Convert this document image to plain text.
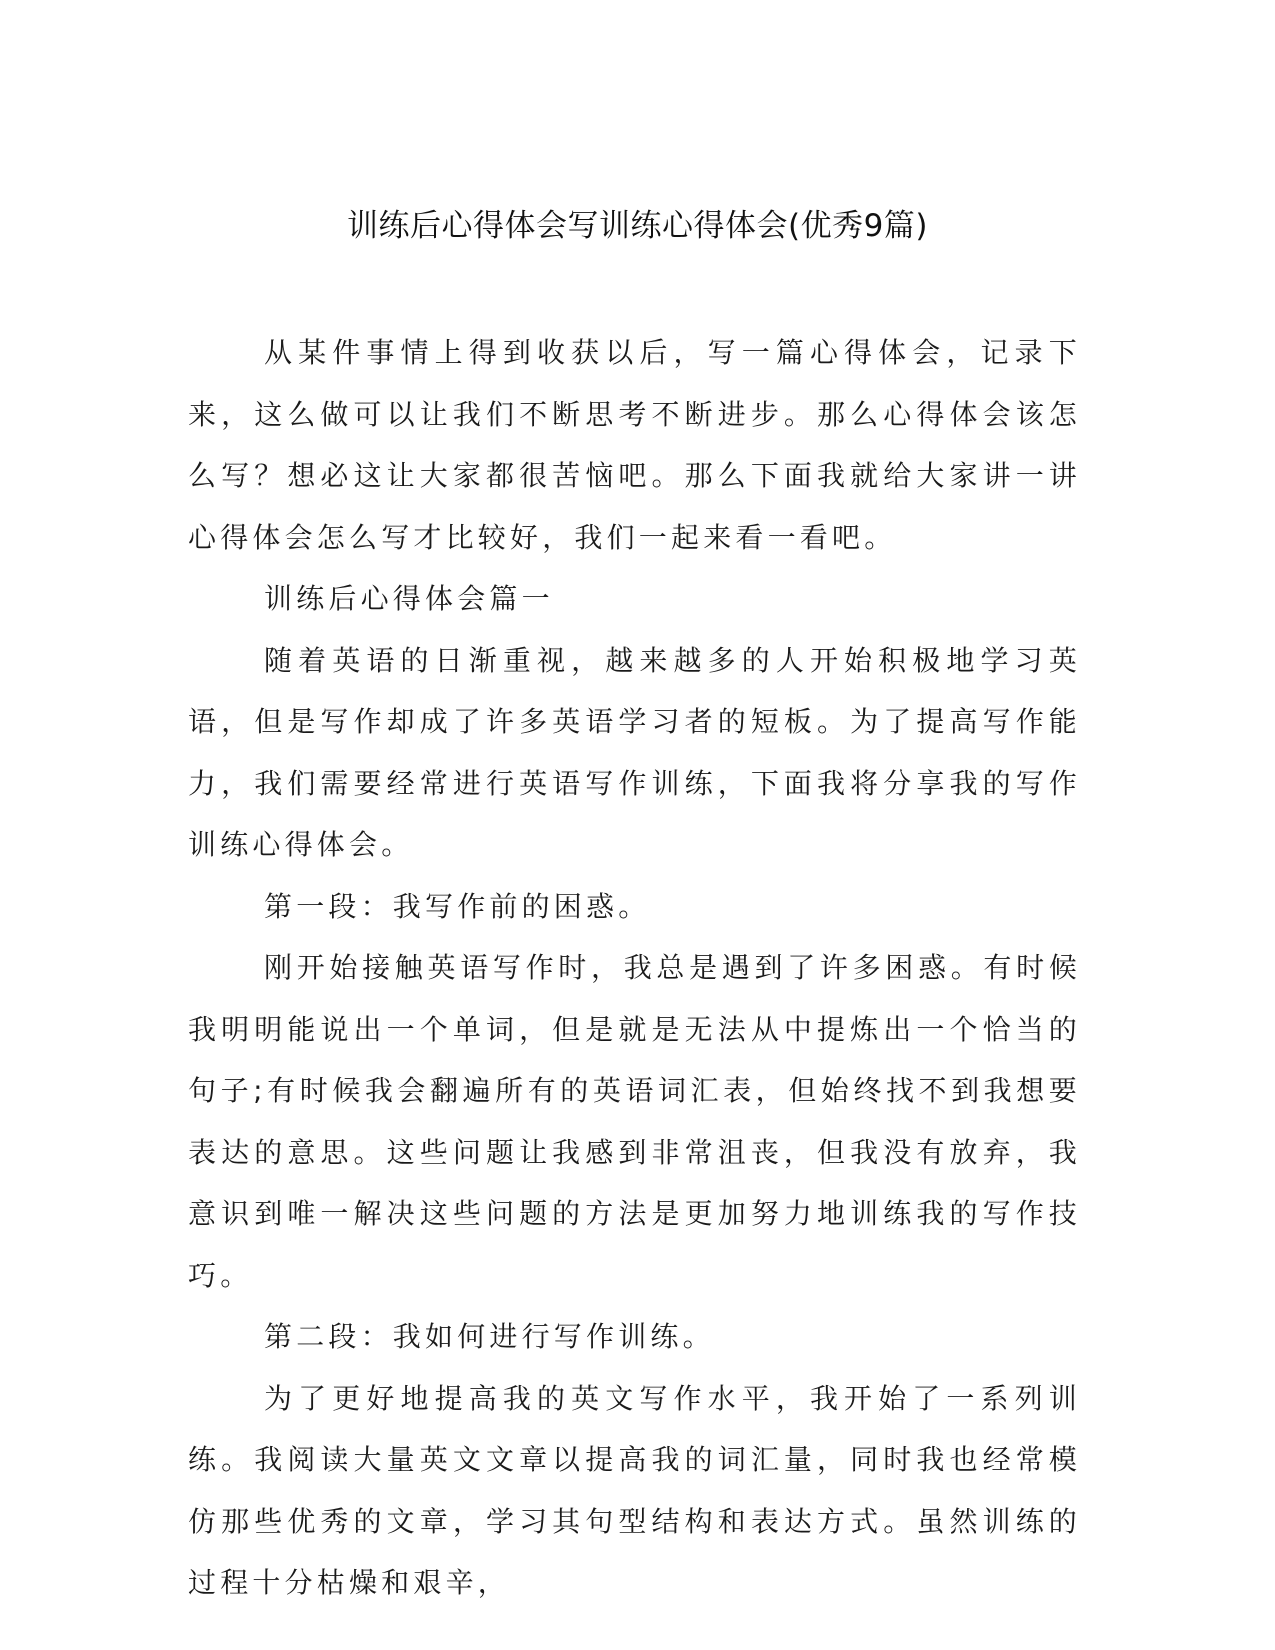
训练后心得体会写训练心得体会(优秀9篇)

从某件事情上得到收获以后，写一篇心得体会，记录下来，这么做可以让我们不断思考不断进步。那么心得体会该怎么写？想必这让大家都很苦恼吧。那么下面我就给大家讲一讲心得体会怎么写才比较好，我们一起来看一看吧。

训练后心得体会篇一

随着英语的日渐重视，越来越多的人开始积极地学习英语，但是写作却成了许多英语学习者的短板。为了提高写作能力，我们需要经常进行英语写作训练，下面我将分享我的写作训练心得体会。

第一段：我写作前的困惑。

刚开始接触英语写作时，我总是遇到了许多困惑。有时候我明明能说出一个单词，但是就是无法从中提炼出一个恰当的句子;有时候我会翻遍所有的英语词汇表，但始终找不到我想要表达的意思。这些问题让我感到非常沮丧，但我没有放弃，我意识到唯一解决这些问题的方法是更加努力地训练我的写作技巧。

第二段：我如何进行写作训练。

为了更好地提高我的英文写作水平，我开始了一系列训练。我阅读大量英文文章以提高我的词汇量，同时我也经常模仿那些优秀的文章，学习其句型结构和表达方式。虽然训练的过程十分枯燥和艰辛，
